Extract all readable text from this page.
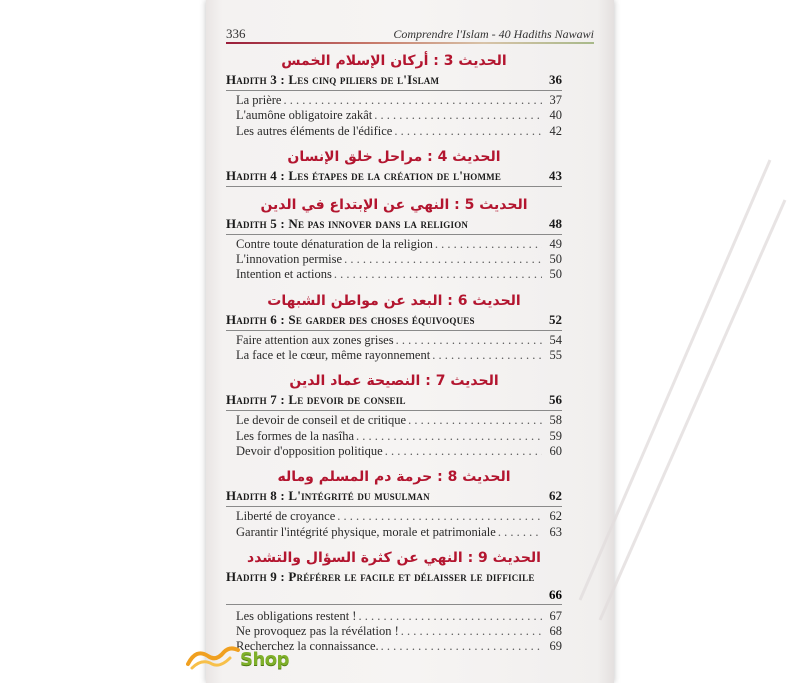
336	Comprendre l'Islam - 40 Hadiths Nawawi
الحديث 3 : أركان الإسلام الخمس
Hadith 3 : Les cinq piliers de l'Islam	36
La prière . . .	37
L'aumône obligatoire zakât . . .	40
Les autres éléments de l'édifice . . .	42
الحديث 4 : مراحل خلق الإنسان
Hadith 4 : Les étapes de la création de l'homme	43
الحديث 5 : النهي عن الإبتداع في الدين
Hadith 5 : Ne pas innover dans la religion	48
Contre toute dénaturation de la religion . . .	49
L'innovation permise . . .	50
Intention et actions . . .	50
الحديث 6 : البعد عن مواطن الشبهات
Hadith 6 : Se garder des choses équivoques	52
Faire attention aux zones grises . . .	54
La face et le cœur, même rayonnement . . .	55
الحديث 7 : النصيحة عماد الدين
Hadith 7 : Le devoir de conseil	56
Le devoir de conseil et de critique . . .	58
Les formes de la nasîha . . .	59
Devoir d'opposition politique . . .	60
الحديث 8 : حرمة دم المسلم وماله
Hadith 8 : L'intégrité du musulman	62
Liberté de croyance . . .	62
Garantir l'intégrité physique, morale et patrimoniale . . .	63
الحديث 9 : النهي عن كثرة السؤال والتشدد
Hadith 9 : Préférer le facile et délaisser le difficile
66
Les obligations restent ! . . .	67
Ne provoquez pas la révélation ! . . .	68
Recherchez la connaissance. . . .	69
Shop
